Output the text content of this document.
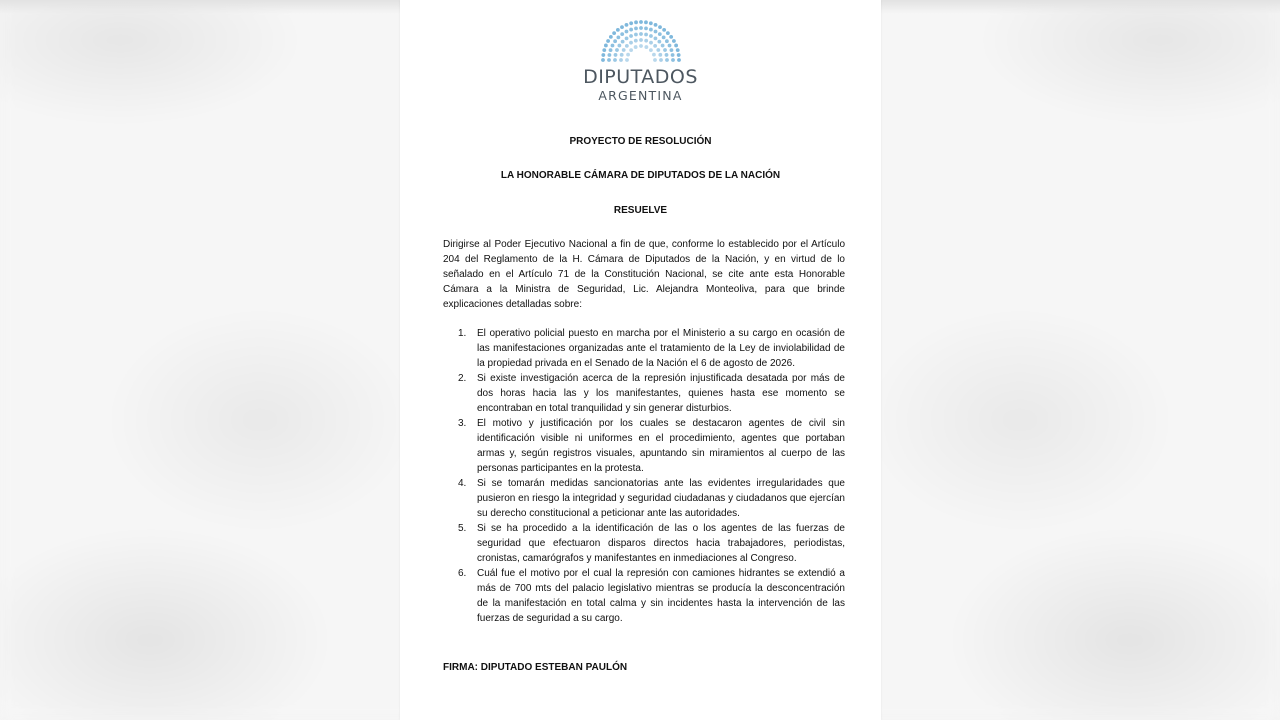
DIPUTADOS
ARGENTINA
PROYECTO DE RESOLUCIÓN
LA HONORABLE CÁMARA DE DIPUTADOS DE LA NACIÓN
RESUELVE

Dirigirse al Poder Ejecutivo Nacional a fin de que, conforme lo establecido por el Artículo 204 del Reglamento de la H. Cámara de Diputados de la Nación, y en virtud de lo señalado en el Artículo 71 de la Constitución Nacional, se cite ante esta Honorable Cámara a la Ministra de Seguridad, Lic. Alejandra Monteoliva, para que brinde explicaciones detalladas sobre:

1. El operativo policial puesto en marcha por el Ministerio a su cargo en ocasión de las manifestaciones organizadas ante el tratamiento de la Ley de inviolabilidad de la propiedad privada en el Senado de la Nación el 6 de agosto de 2026.
2. Si existe investigación acerca de la represión injustificada desatada por más de dos horas hacia las y los manifestantes, quienes hasta ese momento se encontraban en total tranquilidad y sin generar disturbios.
3. El motivo y justificación por los cuales se destacaron agentes de civil sin identificación visible ni uniformes en el procedimiento, agentes que portaban armas y, según registros visuales, apuntando sin miramientos al cuerpo de las personas participantes en la protesta.
4. Si se tomarán medidas sancionatorias ante las evidentes irregularidades que pusieron en riesgo la integridad y seguridad ciudadanas y ciudadanos que ejercían su derecho constitucional a peticionar ante las autoridades.
5. Si se ha procedido a la identificación de las o los agentes de las fuerzas de seguridad que efectuaron disparos directos hacia trabajadores, periodistas, cronistas, camarógrafos y manifestantes en inmediaciones al Congreso.
6. Cuál fue el motivo por el cual la represión con camiones hidrantes se extendió a más de 700 mts del palacio legislativo mientras se producía la desconcentración de la manifestación en total calma y sin incidentes hasta la intervención de las fuerzas de seguridad a su cargo.
FIRMA: DIPUTADO ESTEBAN PAULÓN
